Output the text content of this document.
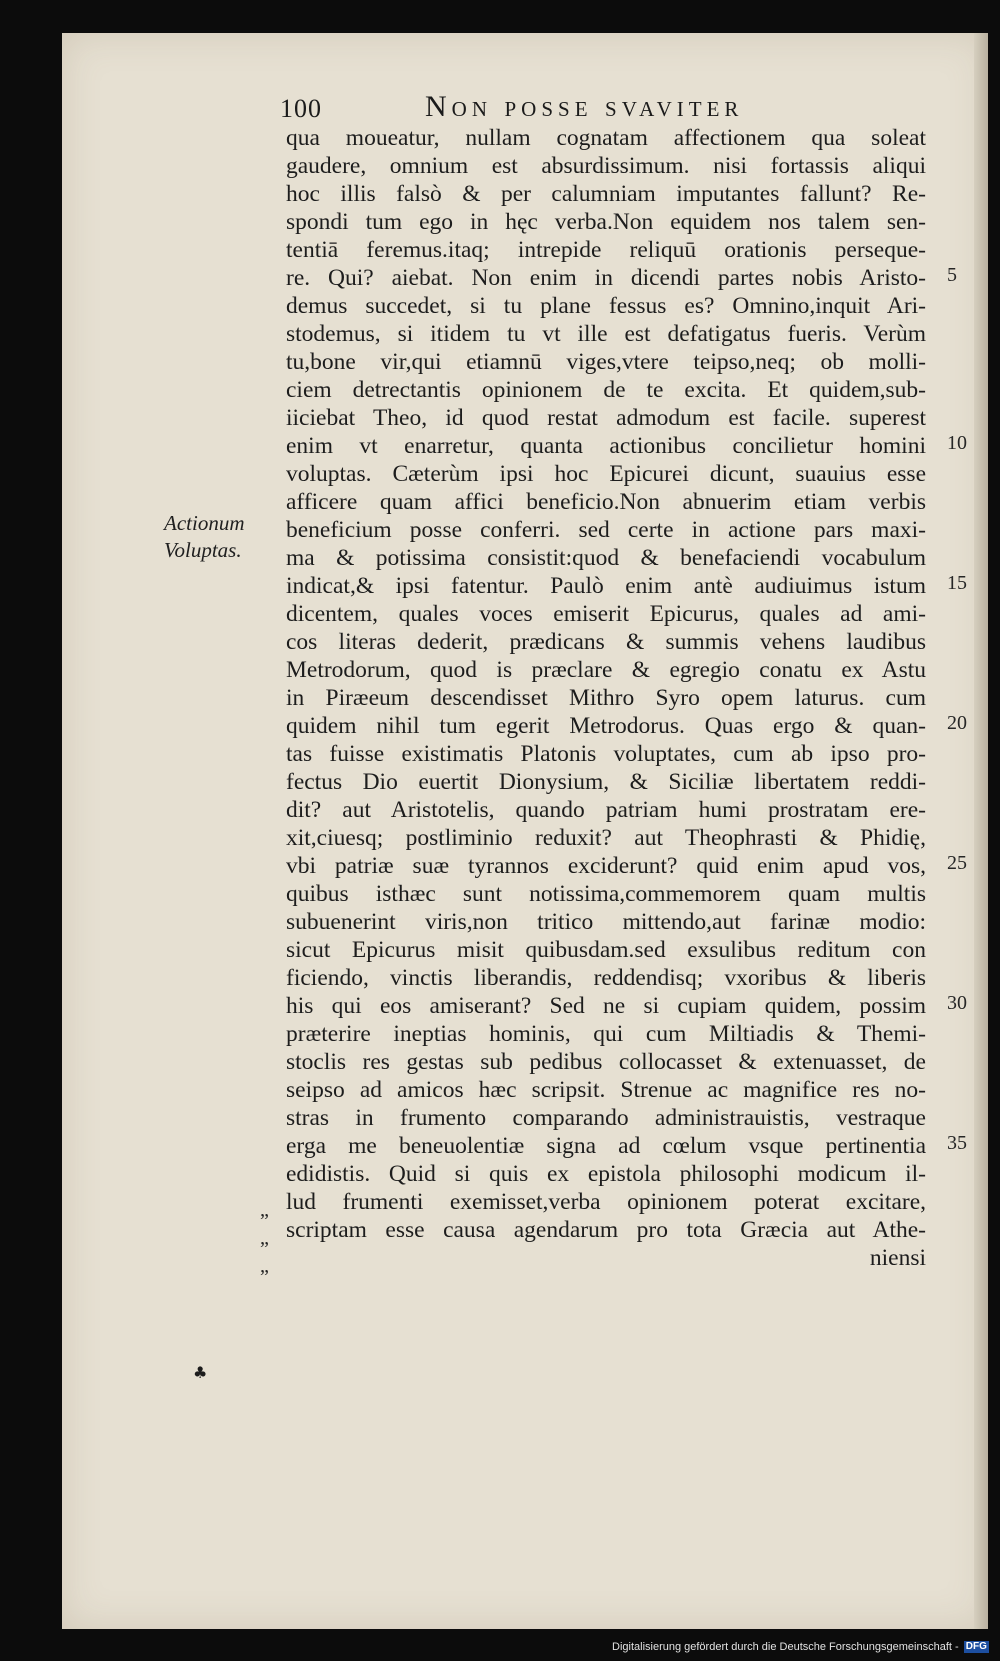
100	Non posse svaviter
Actionum
Voluptas.
qua moueatur, nullam cognatam affectionem qua soleat
gaudere, omnium est absurdissimum. nisi fortassis aliqui
hoc illis falsò & per calumniam imputantes fallunt? Re-
spondi tum ego in hęc verba.Non equidem nos talem sen-
tentiā feremus.itaq; intrepide reliquū orationis perseque-
re. Qui? aiebat. Non enim in dicendi partes nobis Aristo-
demus succedet, si tu plane fessus es? Omnino,inquit Ari-
stodemus, si itidem tu vt ille est defatigatus fueris. Verùm
tu,bone vir,qui etiamnū viges,vtere teipso,neq; ob molli-
ciem detrectantis opinionem de te excita. Et quidem,sub-
iiciebat Theo, id quod restat admodum est facile. superest
enim vt enarretur, quanta actionibus concilietur homini
voluptas. Cæterùm ipsi hoc Epicurei dicunt, suauius esse
afficere quam affici beneficio.Non abnuerim etiam verbis
beneficium posse conferri. sed certe in actione pars maxi-
ma & potissima consistit:quod & benefaciendi vocabulum
indicat,& ipsi fatentur. Paulò enim antè audiuimus istum
dicentem, quales voces emiserit Epicurus, quales ad ami-
cos literas dederit, prædicans & summis vehens laudibus
Metrodorum, quod is præclare & egregio conatu ex Astu
in Piræeum descendisset Mithro Syro opem laturus. cum
quidem nihil tum egerit Metrodorus. Quas ergo & quan-
tas fuisse existimatis Platonis voluptates, cum ab ipso pro-
fectus Dio euertit Dionysium, & Siciliæ libertatem reddi-
dit? aut Aristotelis, quando patriam humi prostratam ere-
xit,ciuesq; postliminio reduxit? aut Theophrasti & Phidię,
vbi patriæ suæ tyrannos exciderunt? quid enim apud vos,
quibus isthæc sunt notissima,commemorem quam multis
subuenerint viris,non tritico mittendo,aut farinæ modio:
sicut Epicurus misit quibusdam.sed exsulibus reditum con
ficiendo, vinctis liberandis, reddendisq; vxoribus & liberis
his qui eos amiserant? Sed ne si cupiam quidem, possim
præterire ineptias hominis, qui cum Miltiadis & Themi-
stoclis res gestas sub pedibus collocasset & extenuasset, de
seipso ad amicos hæc scripsit. Strenue ac magnifice res no-
stras in frumento comparando administrauistis, vestraque
erga me beneuolentiæ signa ad cœlum vsque pertinentia
edidistis. Quid si quis ex epistola philosophi modicum il-
lud frumenti exemisset,verba opinionem poterat excitare,
scriptam esse causa agendarum pro tota Græcia aut Athe-
niensi
5
10
15
20
25
30
35
”
”
”
♣
Digitalisierung gefördert durch die Deutsche Forschungsgemeinschaft - DFG
